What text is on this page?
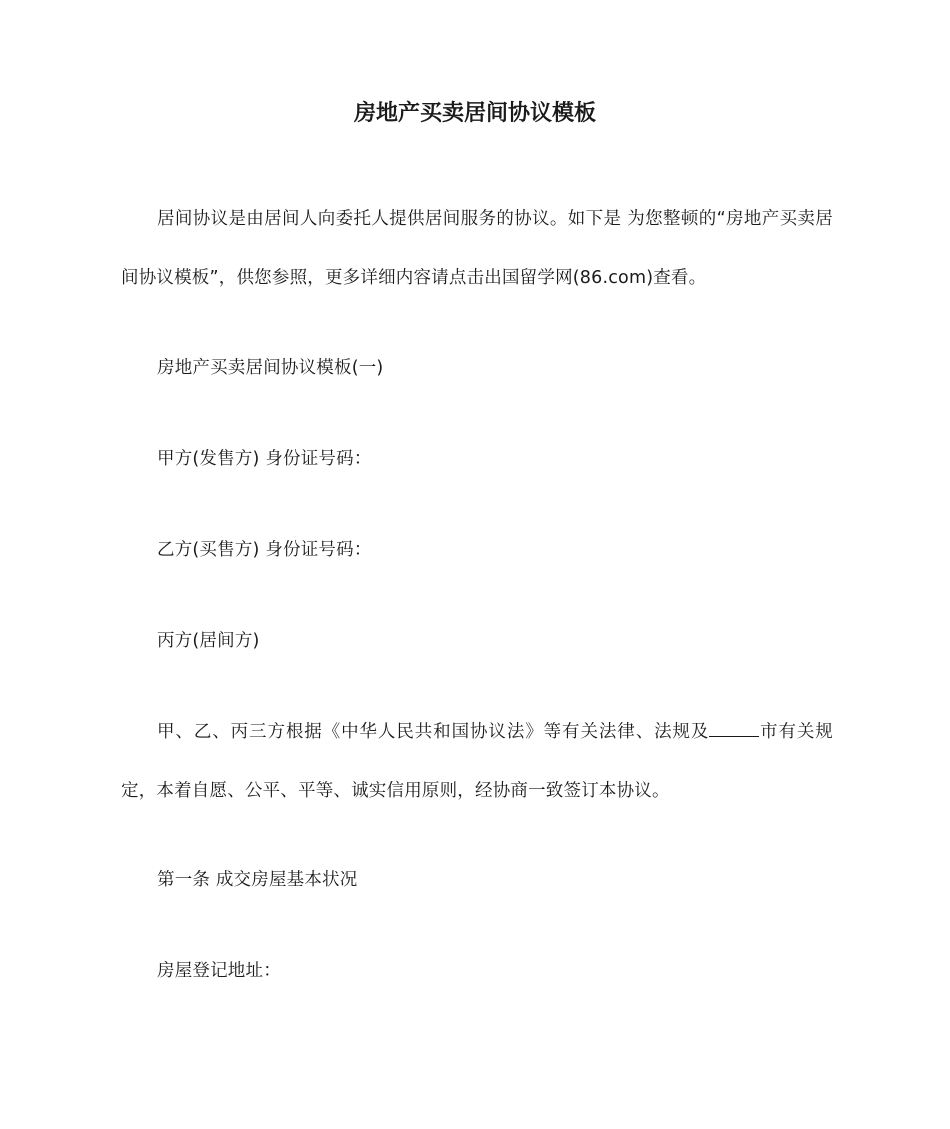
房地产买卖居间协议模板

居间协议是由居间人向委托人提供居间服务的协议。如下是 为您整顿的“房地产买卖居间协议模板”，供您参照，更多详细内容请点击出国留学网(86.com)查看。

房地产买卖居间协议模板(一)

甲方(发售方) 身份证号码：

乙方(买售方) 身份证号码：

丙方(居间方)

甲、乙、丙三方根据《中华人民共和国协议法》等有关法律、法规及	市有关规定，本着自愿、公平、平等、诚实信用原则，经协商一致签订本协议。

第一条 成交房屋基本状况

房屋登记地址：
